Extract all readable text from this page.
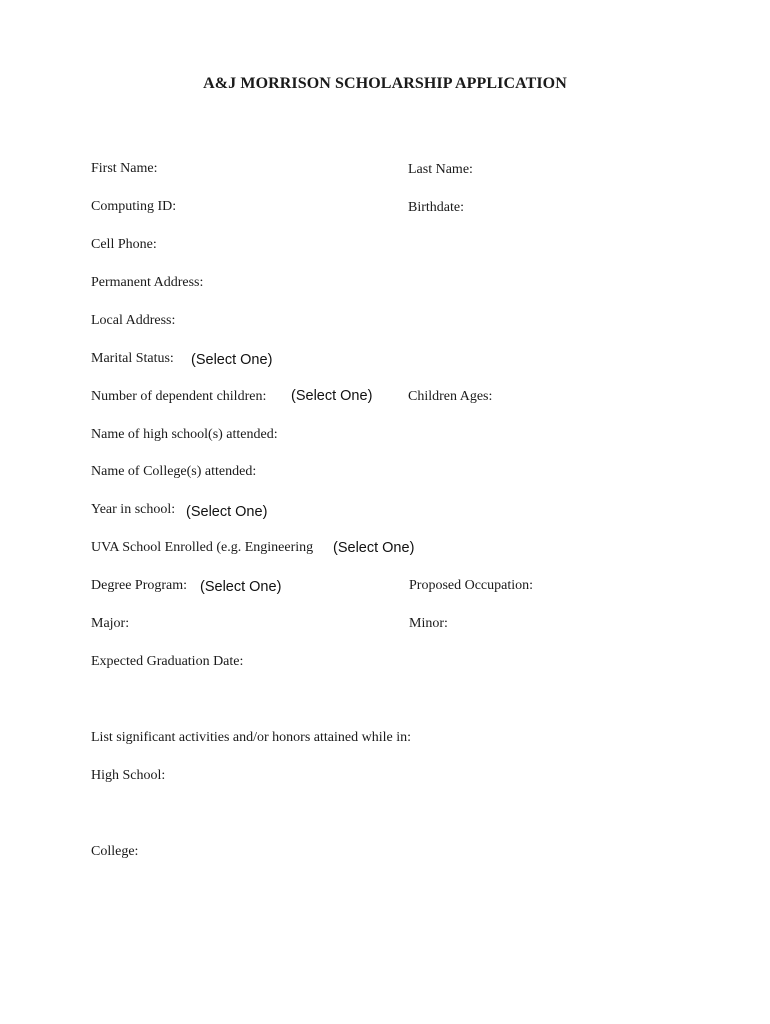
A&J MORRISON SCHOLARSHIP APPLICATION
First Name:	Last Name:
Computing ID:	Birthdate:
Cell Phone:
Permanent Address:
Local Address:
Marital Status: (Select One)
Number of dependent children: (Select One)	Children Ages:
Name of high school(s) attended:
Name of College(s) attended:
Year in school: (Select One)
UVA School Enrolled (e.g. Engineering	(Select One)
Degree Program: (Select One)	Proposed Occupation:
Major:	Minor:
Expected Graduation Date:
List significant activities and/or honors attained while in:
High School:
College:
